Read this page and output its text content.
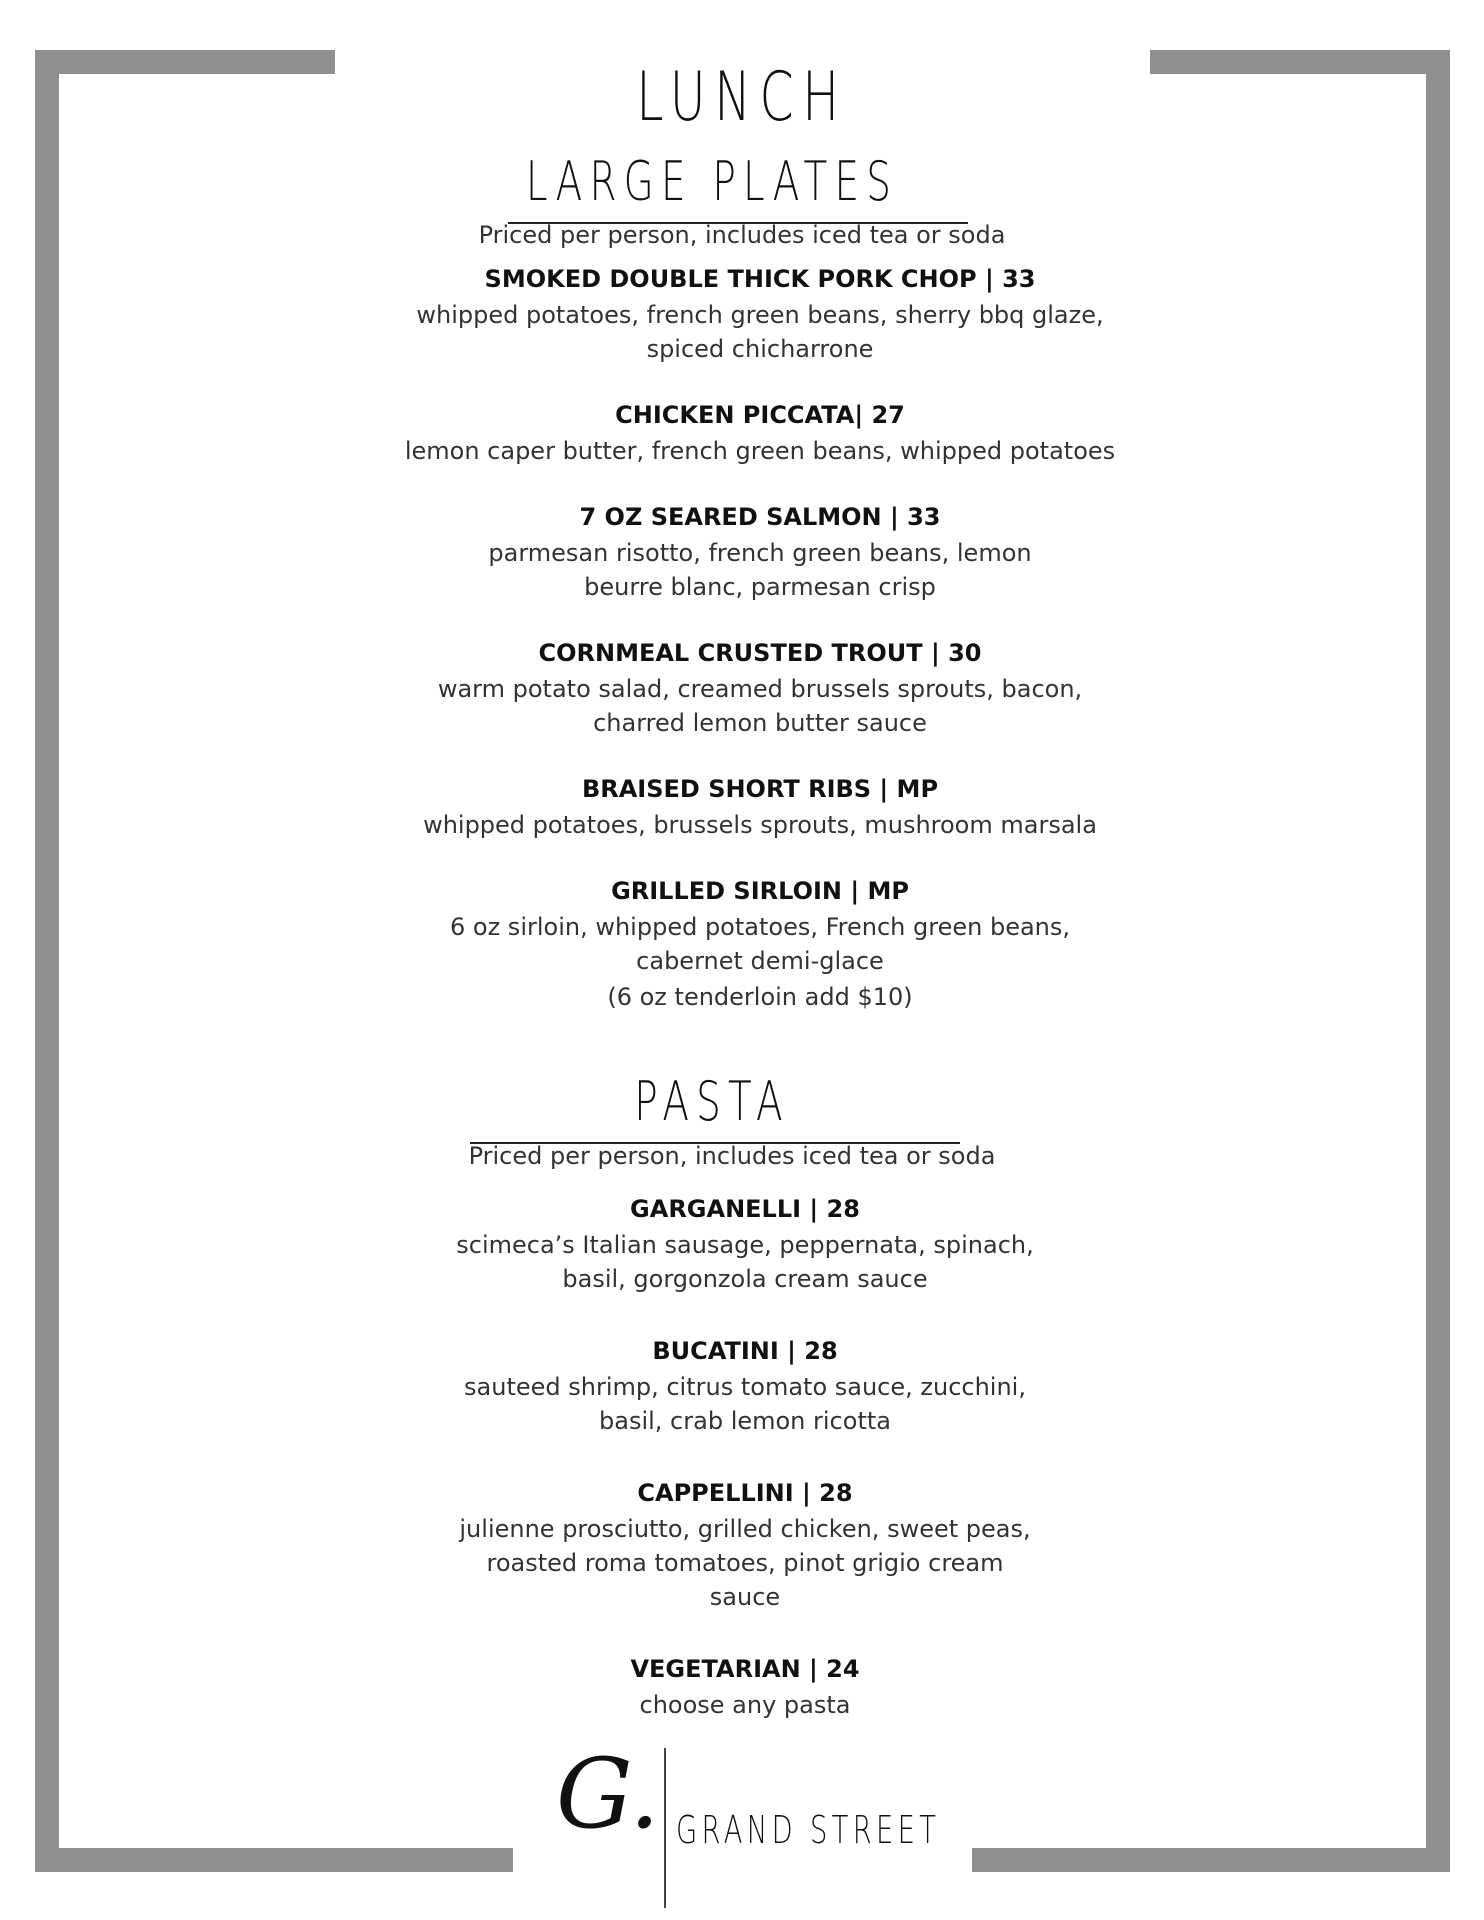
LUNCH
LARGE PLATES
Priced per person, includes iced tea or soda
SMOKED DOUBLE THICK PORK CHOP | 33
whipped potatoes, french green beans, sherry bbq glaze, spiced chicharrone
CHICKEN PICCATA| 27
lemon caper butter, french green beans, whipped potatoes
7 OZ SEARED SALMON | 33
parmesan risotto, french green beans, lemon beurre blanc, parmesan crisp
CORNMEAL CRUSTED TROUT | 30
warm potato salad, creamed brussels sprouts, bacon, charred lemon butter sauce
BRAISED SHORT RIBS | MP
whipped potatoes, brussels sprouts, mushroom marsala
GRILLED SIRLOIN | MP
6 oz sirloin, whipped potatoes, French green beans, cabernet demi-glace
(6 oz tenderloin add $10)
PASTA
Priced per person, includes iced tea or soda
GARGANELLI | 28
scimeca’s Italian sausage, peppernata, spinach, basil, gorgonzola cream sauce
BUCATINI | 28
sauteed shrimp, citrus tomato sauce, zucchini, basil, crab lemon ricotta
CAPPELLINI | 28
julienne prosciutto, grilled chicken, sweet peas, roasted roma tomatoes, pinot grigio cream sauce
VEGETARIAN | 24
choose any pasta
G. GRAND STREET
